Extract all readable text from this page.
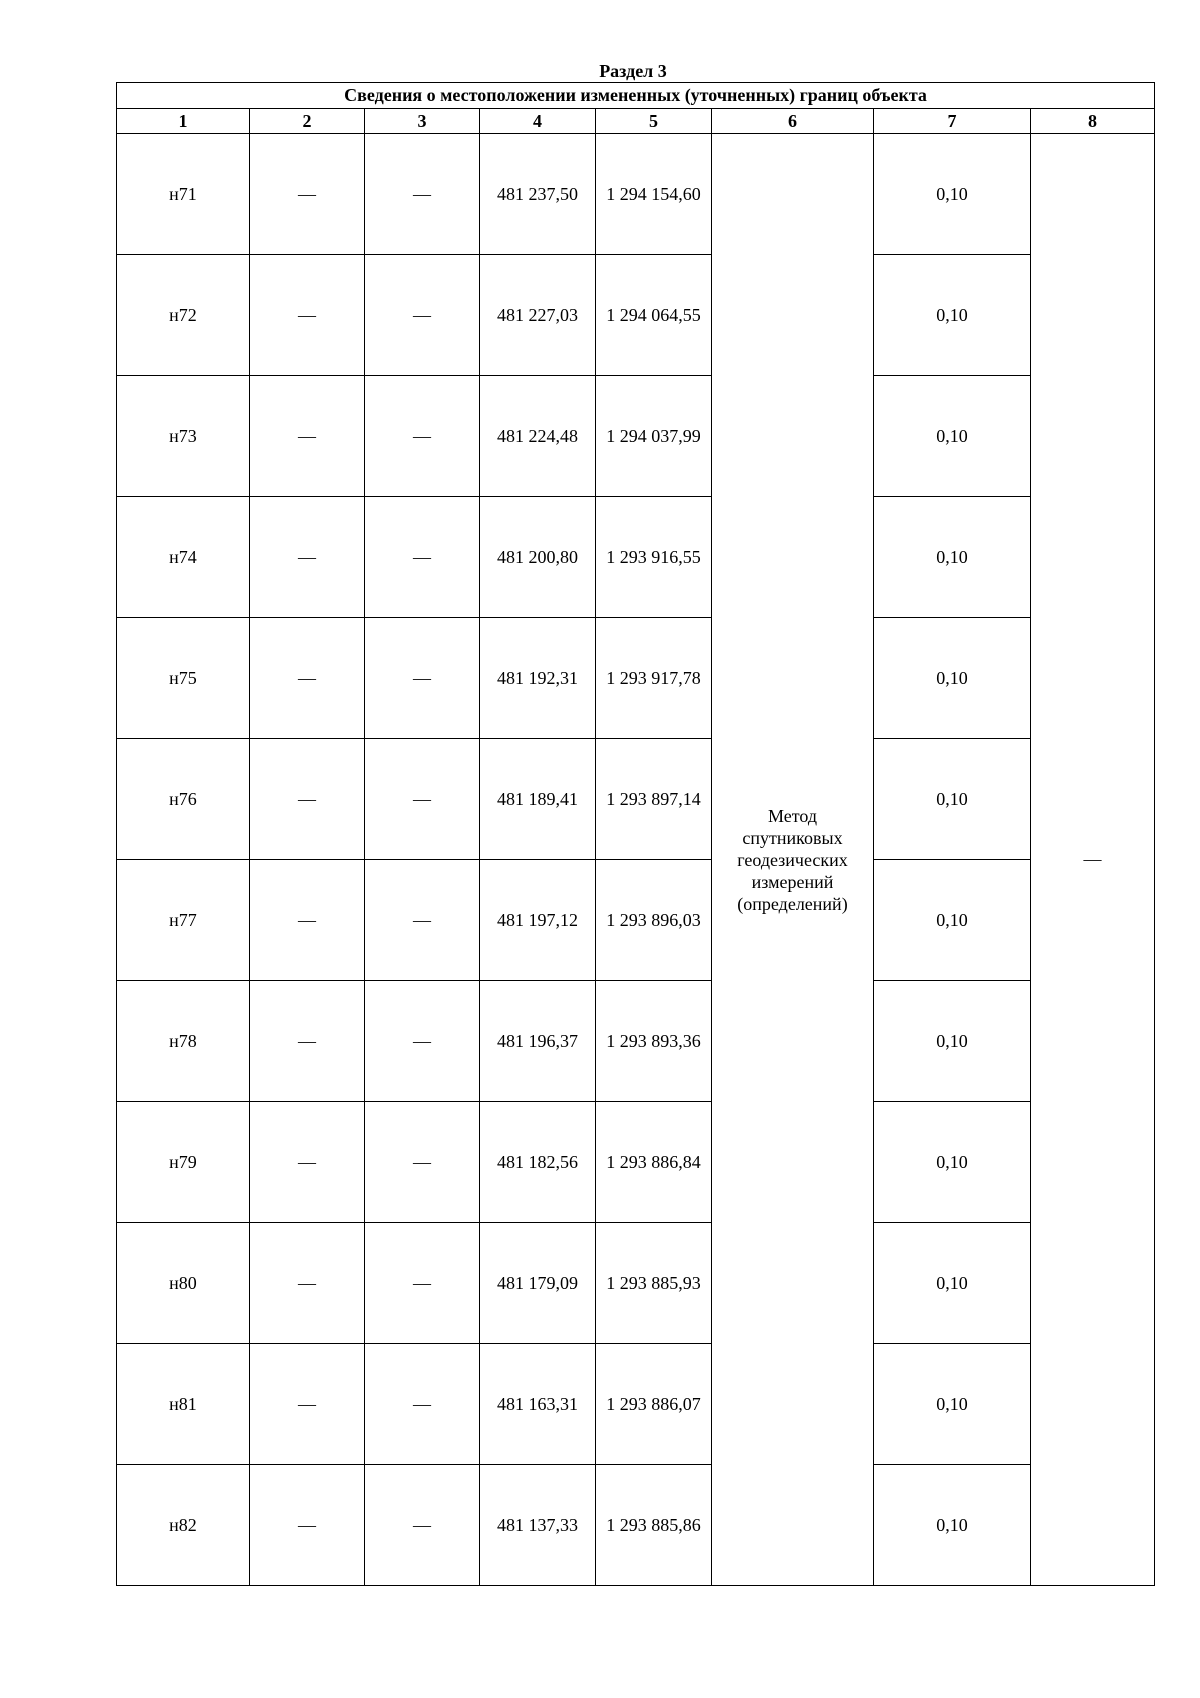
Раздел 3
Сведения о местоположении измененных (уточненных) границ объекта							
1	2	3	4	5	6	7	8
н71	—	—	481 237,50	1 294 154,60	Метод
спутниковых
геодезических
измерений
(определений)	0,10	—
н72	—	—	481 227,03	1 294 064,55		0,10	
н73	—	—	481 224,48	1 294 037,99		0,10	
н74	—	—	481 200,80	1 293 916,55		0,10	
н75	—	—	481 192,31	1 293 917,78		0,10	
н76	—	—	481 189,41	1 293 897,14		0,10	
н77	—	—	481 197,12	1 293 896,03		0,10	
н78	—	—	481 196,37	1 293 893,36		0,10	
н79	—	—	481 182,56	1 293 886,84		0,10	
н80	—	—	481 179,09	1 293 885,93		0,10	
н81	—	—	481 163,31	1 293 886,07		0,10	
н82	—	—	481 137,33	1 293 885,86		0,10	
